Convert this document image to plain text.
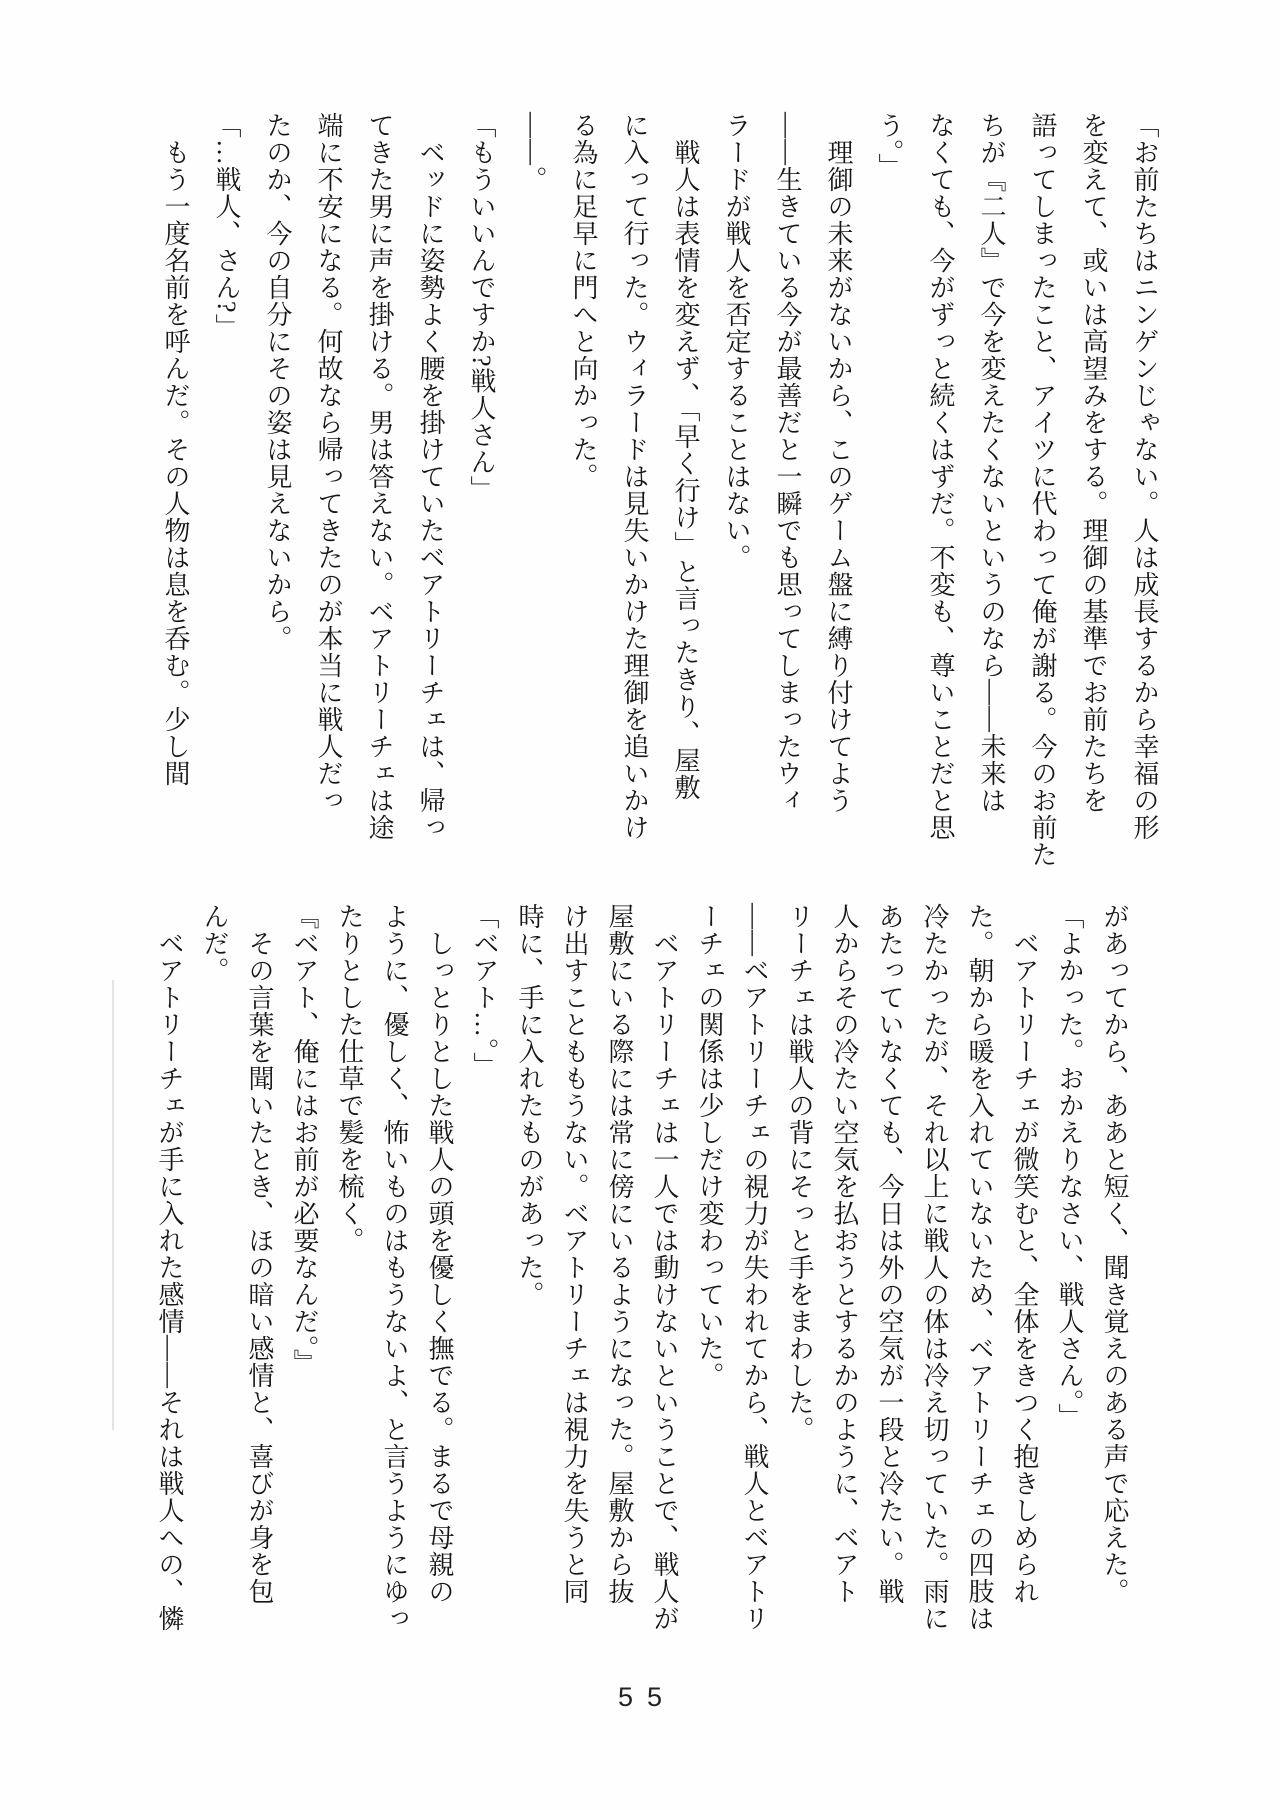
「お前たちはニンゲンじゃない。人は成長するから幸福の形

を変えて、或いは高望みをする。理御の基準でお前たちを

語ってしまったこと、アイツに代わって俺が謝る。今のお前た

ちが『二人』で今を変えたくないというのなら――未来は

なくても、今がずっと続くはずだ。不変も、尊いことだと思

う。」

理御の未来がないから、このゲーム盤に縛り付けてよう

――生きている今が最善だと一瞬でも思ってしまったウィ

ラードが戦人を否定することはない。

戦人は表情を変えず、「早く行け」と言ったきり、屋敷

に入って行った。ウィラードは見失いかけた理御を追いかけ

る為に足早に門へと向かった。

――。

「もういいんですか?戦人さん」

ベッドに姿勢よく腰を掛けていたベアトリーチェは、帰っ

てきた男に声を掛ける。男は答えない。ベアトリーチェは途

端に不安になる。何故なら帰ってきたのが本当に戦人だっ

たのか、今の自分にその姿は見えないから。

「…戦人、さん?」

もう一度名前を呼んだ。その人物は息を呑む。少し間

があってから、ああと短く、聞き覚えのある声で応えた。

「よかった。おかえりなさい、戦人さん。」

ベアトリーチェが微笑むと、全体をきつく抱きしめられ

た。朝から暖を入れていないため、ベアトリーチェの四肢は

冷たかったが、それ以上に戦人の体は冷え切っていた。雨に

あたっていなくても、今日は外の空気が一段と冷たい。戦

人からその冷たい空気を払おうとするかのように、ベアト

リーチェは戦人の背にそっと手をまわした。

――ベアトリーチェの視力が失われてから、戦人とベアトリ

ーチェの関係は少しだけ変わっていた。

ベアトリーチェは一人では動けないということで、戦人が

屋敷にいる際には常に傍にいるようになった。屋敷から抜

け出すことももうない。ベアトリーチェは視力を失うと同

時に、手に入れたものがあった。

「ベアト…。」

しっとりとした戦人の頭を優しく撫でる。まるで母親の

ように、優しく、怖いものはもうないよ、と言うようにゆっ

たりとした仕草で髪を梳く。

『ベアト、俺にはお前が必要なんだ。』

その言葉を聞いたとき、ほの暗い感情と、喜びが身を包

んだ。

ベアトリーチェが手に入れた感情――それは戦人への、憐

55
